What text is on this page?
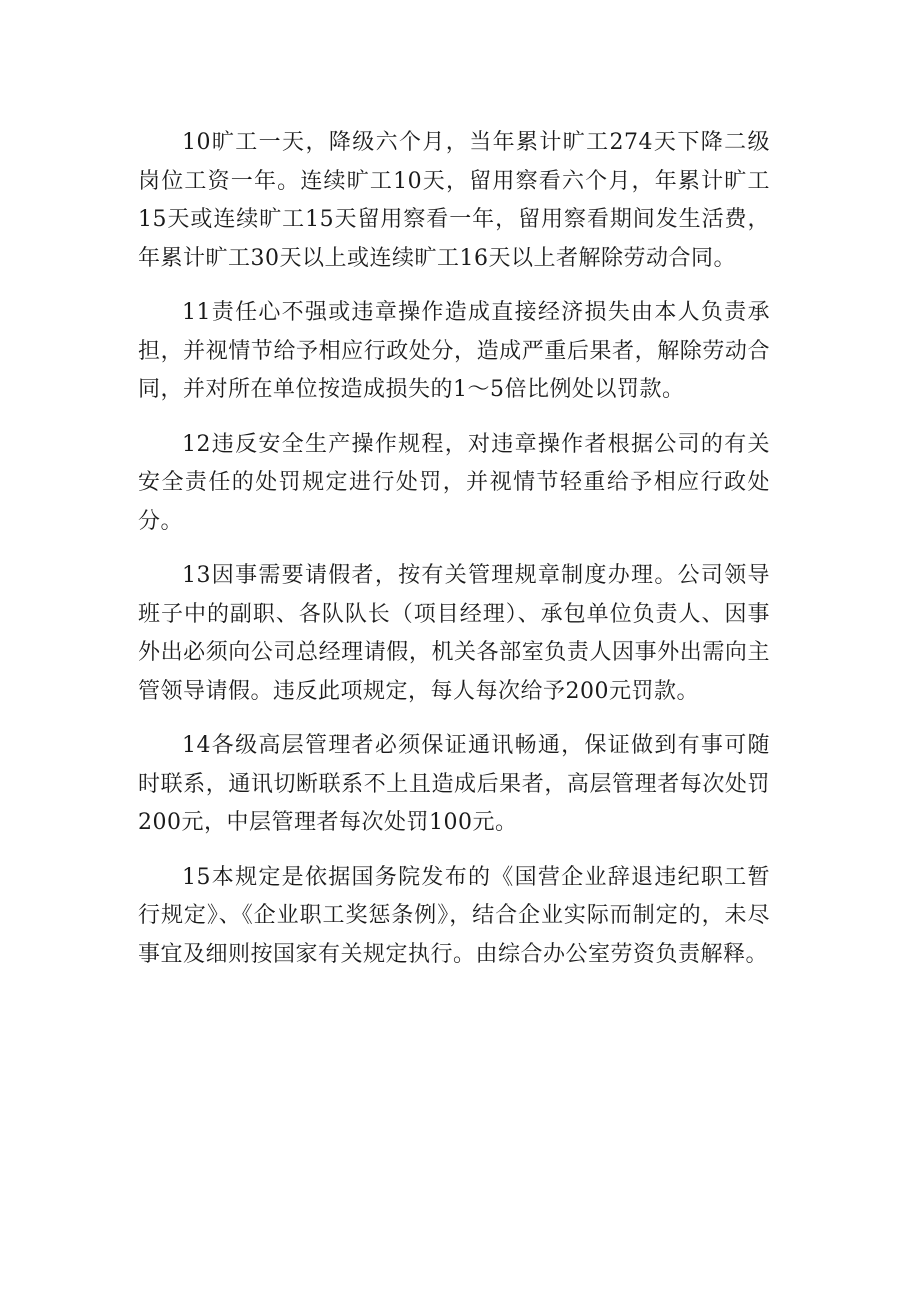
10旷工一天，降级六个月，当年累计旷工274天下降二级岗位工资一年。连续旷工10天，留用察看六个月，年累计旷工15天或连续旷工15天留用察看一年，留用察看期间发生活费，年累计旷工30天以上或连续旷工16天以上者解除劳动合同。

11责任心不强或违章操作造成直接经济损失由本人负责承担，并视情节给予相应行政处分，造成严重后果者，解除劳动合同，并对所在单位按造成损失的1～5倍比例处以罚款。

12违反安全生产操作规程，对违章操作者根据公司的有关安全责任的处罚规定进行处罚，并视情节轻重给予相应行政处分。

13因事需要请假者，按有关管理规章制度办理。公司领导班子中的副职、各队队长（项目经理）、承包单位负责人、因事外出必须向公司总经理请假，机关各部室负责人因事外出需向主管领导请假。违反此项规定，每人每次给予200元罚款。

14各级高层管理者必须保证通讯畅通，保证做到有事可随时联系，通讯切断联系不上且造成后果者，高层管理者每次处罚200元，中层管理者每次处罚100元。

15本规定是依据国务院发布的《国营企业辞退违纪职工暂行规定》、《企业职工奖惩条例》，结合企业实际而制定的，未尽事宜及细则按国家有关规定执行。由综合办公室劳资负责解释。
